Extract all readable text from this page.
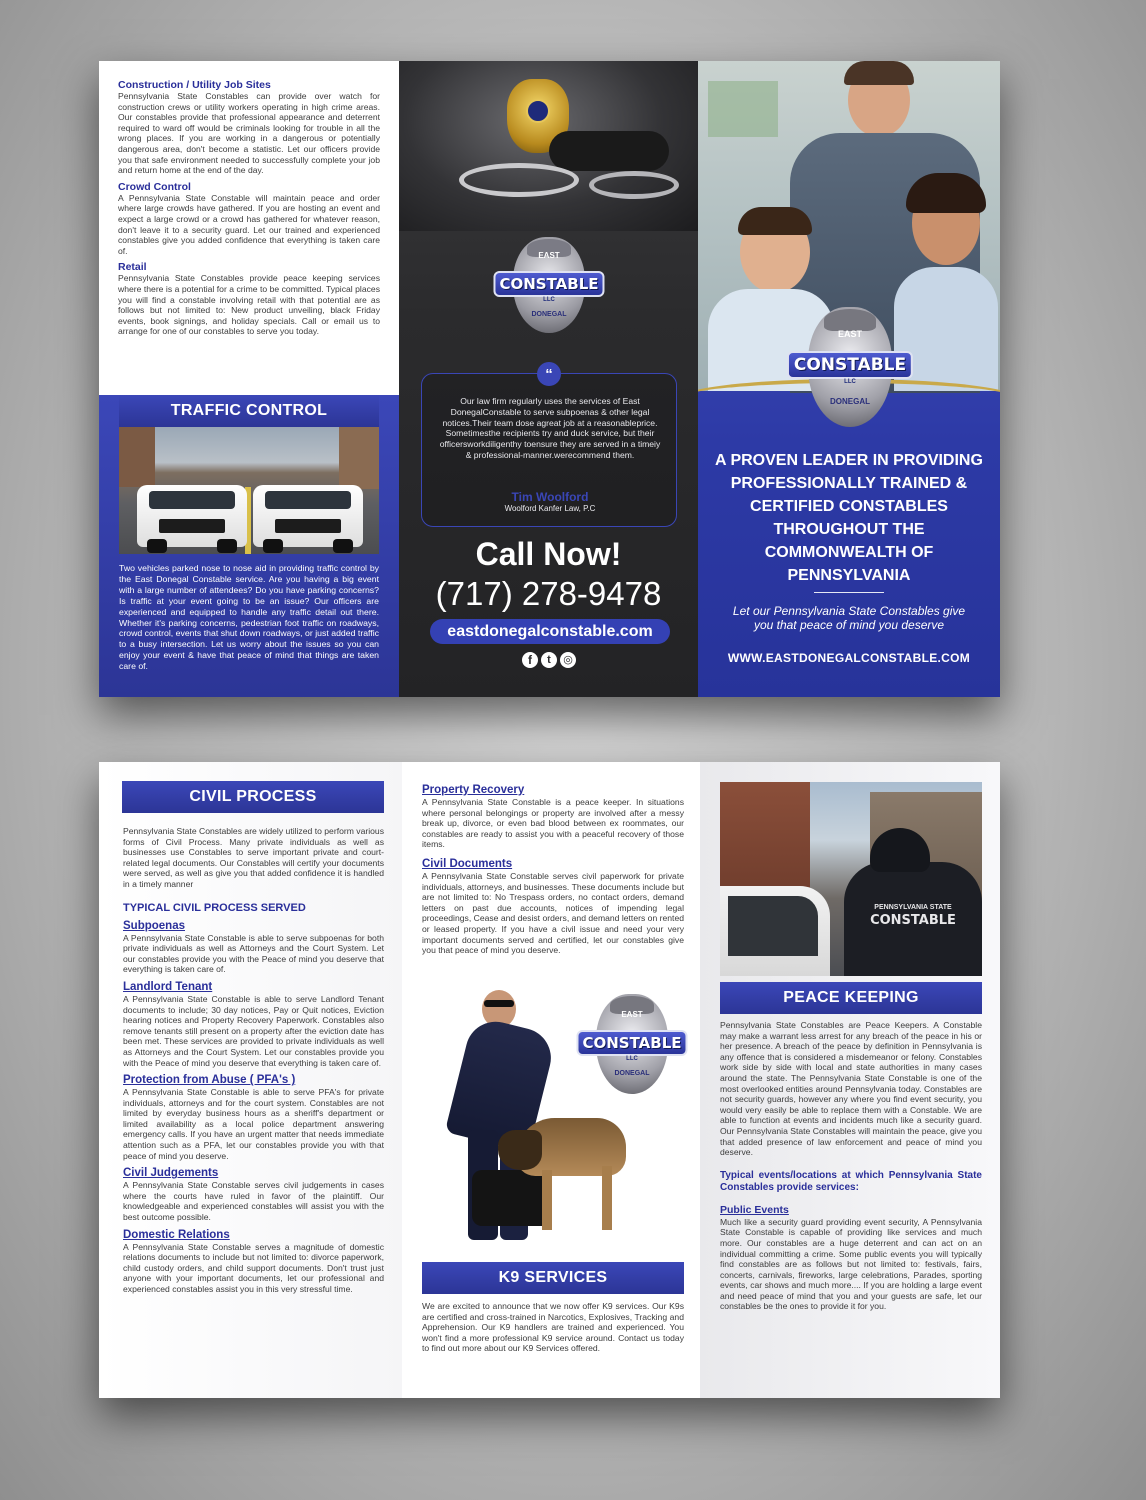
Construction / Utility Job Sites
Pennsylvania State Constables can provide over watch for construction crews or utility workers operating in high crime areas. Our constables provide that professional appearance and deterrent required to ward off would be criminals looking for trouble in all the wrong places. If you are working in a dangerous or potentially dangerous area, don't become a statistic. Let our officers provide you that safe environment needed to successfully complete your job and return home at the end of the day.
Crowd Control
A Pennsylvania State Constable will maintain peace and order where large crowds have gathered. If you are hosting an event and expect a large crowd or a crowd has gathered for whatever reason, don't leave it to a security guard. Let our trained and experienced constables give you added confidence that everything is taken care of.
Retail
Pennsylvania State Constables provide peace keeping services where there is a potential for a crime to be committed. Typical places you will find a constable involving retail with that potential are as follows but not limited to: New product unveiling, black Friday events, book signings, and holiday specials. Call or email us to arrange for one of our constables to serve you today.
TRAFFIC CONTROL
Two vehicles parked nose to nose aid in providing traffic control by the East Donegal Constable service. Are you having a big event with a large number of attendees? Do you have parking concerns? Is traffic at your event going to be an issue? Our officers are experienced and equipped to handle any traffic detail out there. Whether it's parking concerns, pedestrian foot traffic on roadways, crowd control, events that shut down roadways, or just added traffic to a busy intersection. Let us worry about the issues so you can enjoy your event & have that peace of mind that things are taken care of.
EAST
CONSTABLE
LLC
DONEGAL
“
Our law firm regularly uses the services of East DonegalConstable to serve subpoenas & other legal notices.Their team dose agreat job at a reasonableprice. Sometimesthe recipients try and duck service, but their officersworkdiligenthy toensure they are served in a timeiy & professional-manner.werecommend them.
Tim Woolford
Woolford Kanfer Law, P.C
Call Now!
(717) 278-9478
eastdonegalconstable.com
f	t	◎
EAST
CONSTABLE
LLC
DONEGAL
A PROVEN LEADER IN PROVIDING PROFESSIONALLY TRAINED & CERTIFIED CONSTABLES THROUGHOUT THE COMMONWEALTH OF PENNSYLVANIA
Let our Pennsylvania State Constables give you that peace of mind you deserve
WWW.EASTDONEGALCONSTABLE.COM
CIVIL PROCESS
Pennsylvania State Constables are widely utilized to perform various forms of Civil Process. Many private individuals as well as businesses use Constables to serve important private and court-related legal documents. Our Constables will certify your documents were served, as well as give you that added confidence it is handled in a timely manner
TYPICAL CIVIL PROCESS SERVED
Subpoenas
A Pennsylvania State Constable is able to serve subpoenas for both private individuals as well as Attorneys and the Court System. Let our constables provide you with the Peace of mind you deserve that everything is taken care of.
Landlord Tenant
A Pennsylvania State Constable is able to serve Landlord Tenant documents to include; 30 day notices, Pay or Quit notices, Eviction hearing notices and Property Recovery Paperwork. Constables also remove tenants still present on a property after the eviction date has been met. These services are provided to private individuals as well as Attorneys and the Court System. Let our constables provide you with the Peace of mind you deserve that everything is taken care of.
Protection from Abuse ( PFA's )
A Pennsylvania State Constable is able to serve PFA's for private individuals, attorneys and for the court system. Constables are not limited by everyday business hours as a sheriff's department or limited availability as a local police department answering emergency calls. If you have an urgent matter that needs immediate attention such as a PFA, let our constables provide you with that peace of mind you deserve.
Civil Judgements
A Pennsylvania State Constable serves civil judgements in cases where the courts have ruled in favor of the plaintiff. Our knowledgeable and experienced constables will assist you with the best outcome possible.
Domestic Relations
A Pennsylvania State Constable serves a magnitude of domestic relations documents to include but not limited to: divorce paperwork, child custody orders, and child support documents. Don't trust just anyone with your important documents, let our professional and experienced constables assist you in this very stressful time.
Property Recovery
A Pennsylvania State Constable is a peace keeper. In situations where personal belongings or property are involved after a messy break up, divorce, or even bad blood between ex roommates, our constables are ready to assist you with a peaceful recovery of those items.
Civil Documents
A Pennsylvania State Constable serves civil paperwork for private individuals, attorneys, and businesses. These documents include but are not limited to: No Trespass orders, no contact orders, demand letters on past due accounts, notices of impending legal proceedings, Cease and desist orders, and demand letters on rented or leased property. If you have a civil issue and need your very important documents served and certified, let our constables give you that peace of mind you deserve.
EAST
CONSTABLE
LLC
DONEGAL
K9 SERVICES
We are excited to announce that we now offer K9 services. Our K9s are certified and cross-trained in Narcotics, Explosives, Tracking and Apprehension. Our K9 handlers are trained and experienced. You won't find a more professional K9 service around. Contact us today to find out more about our K9 Services offered.
PENNSYLVANIA STATE
CONSTABLE
PEACE KEEPING
Pennsylvania State Constables are Peace Keepers. A Constable may make a warrant less arrest for any breach of the peace in his or her presence. A breach of the peace by definition in Pennsylvania is any offence that is considered a misdemeanor or felony. Constables work side by side with local and state authorities in many cases around the state. The Pennsylvania State Constable is one of the most overlooked entities around Pennsylvania today. Constables are not security guards, however any where you find event security, you would very easily be able to replace them with a Constable. We are able to function at events and incidents much like a security guard. Our Pennsylvania State Constables will maintain the peace, give you that added presence of law enforcement and peace of mind you deserve.
Typical events/locations at which Pennsylvania State Constables provide services:
Public Events
Much like a security guard providing event security, A Pennsylvania State Constable is capable of providing like services and much more. Our constables are a huge deterrent and can act on an individual committing a crime. Some public events you will typically find constables are as follows but not limited to: festivals, fairs, concerts, carnivals, fireworks, large celebrations, Parades, sporting events, car shows and much more.... If you are holding a large event and need peace of mind that you and your guests are safe, let our constables be the ones to provide it for you.
